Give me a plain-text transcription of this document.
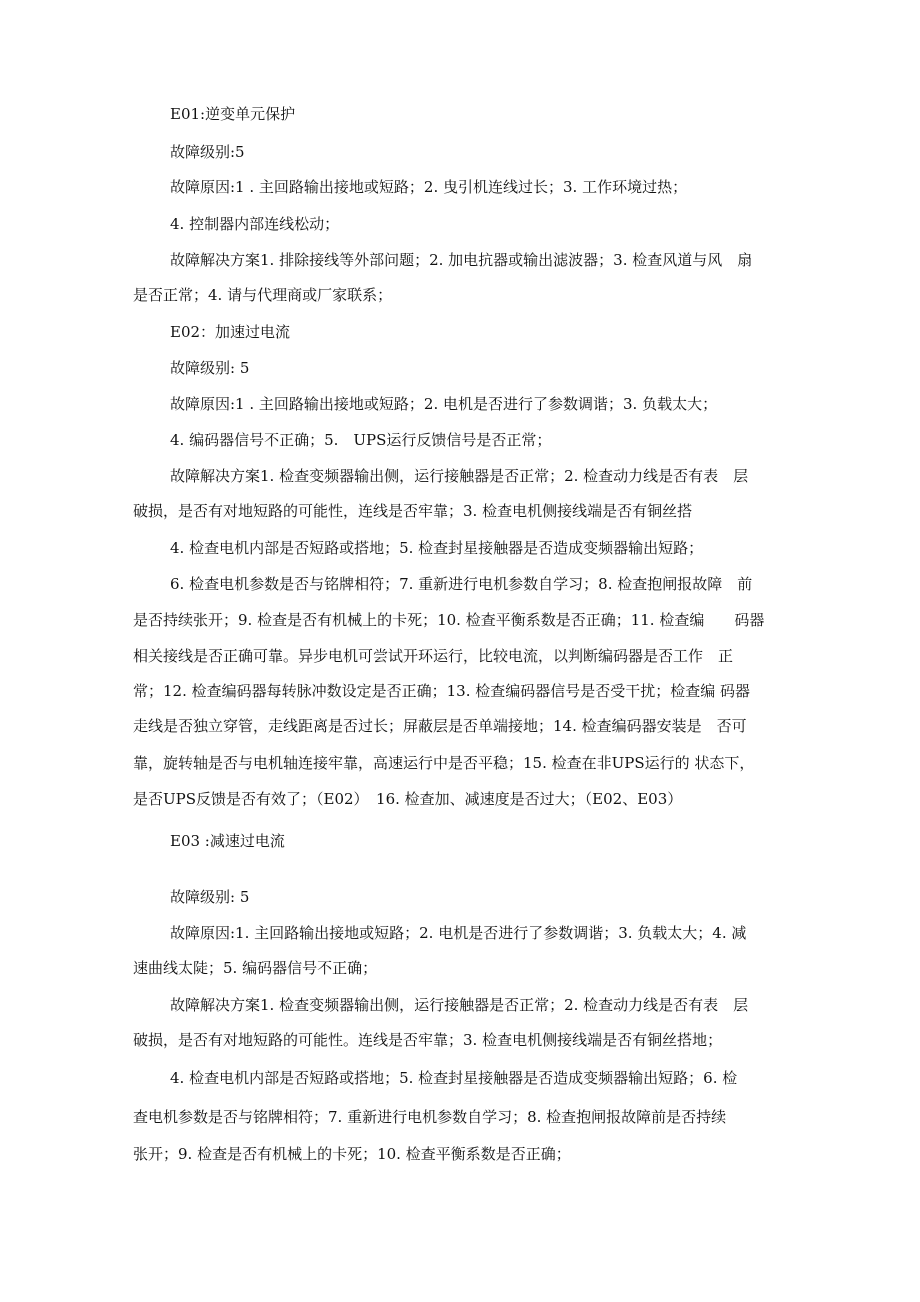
E01:逆变单元保护
故障级别:5
故障原因:1 . 主回路输出接地或短路；2. 曳引机连线过长；3. 工作环境过热；
4. 控制器内部连线松动；
故障解决方案1. 排除接线等外部问题；2. 加电抗器或输出滤波器；3. 检查风道与风　扇
是否正常；4. 请与代理商或厂家联系；
E02：加速过电流
故障级别: 5
故障原因:1 . 主回路输出接地或短路；2. 电机是否进行了参数调谐；3. 负载太大；
4. 编码器信号不正确；5.　UPS运行反馈信号是否正常；
故障解决方案1. 检查变频器输出侧，运行接触器是否正常；2. 检查动力线是否有表　层
破损，是否有对地短路的可能性，连线是否牢靠；3. 检查电机侧接线端是否有铜丝搭
4. 检查电机内部是否短路或搭地；5. 检查封星接触器是否造成变频器输出短路；
6. 检查电机参数是否与铭牌相符；7. 重新进行电机参数自学习；8. 检查抱闸报故障　前
是否持续张开；9. 检查是否有机械上的卡死；10. 检查平衡系数是否正确；11. 检查编　　码器
相关接线是否正确可靠。异步电机可尝试开环运行，比较电流，以判断编码器是否工作　正
常；12. 检查编码器每转脉冲数设定是否正确；13. 检查编码器信号是否受干扰；检查编 码器
走线是否独立穿管，走线距离是否过长；屏蔽层是否单端接地；14. 检查编码器安装是　否可
靠，旋转轴是否与电机轴连接牢靠，高速运行中是否平稳；15. 检查在非UPS运行的 状态下，
是否UPS反馈是否有效了；（E02）　16. 检查加、减速度是否过大；（E02、E03）
E03 :减速过电流
故障级别: 5
故障原因:1. 主回路输出接地或短路；2. 电机是否进行了参数调谐；3. 负载太大；4. 减
速曲线太陡；5. 编码器信号不正确；
故障解决方案1. 检查变频器输出侧，运行接触器是否正常；2. 检查动力线是否有表　层
破损，是否有对地短路的可能性。连线是否牢靠；3. 检查电机侧接线端是否有铜丝搭地；
4. 检查电机内部是否短路或搭地；5. 检查封星接触器是否造成变频器输出短路；6. 检
查电机参数是否与铭牌相符；7. 重新进行电机参数自学习；8. 检查抱闸报故障前是否持续
张开；9. 检查是否有机械上的卡死；10. 检查平衡系数是否正确；
